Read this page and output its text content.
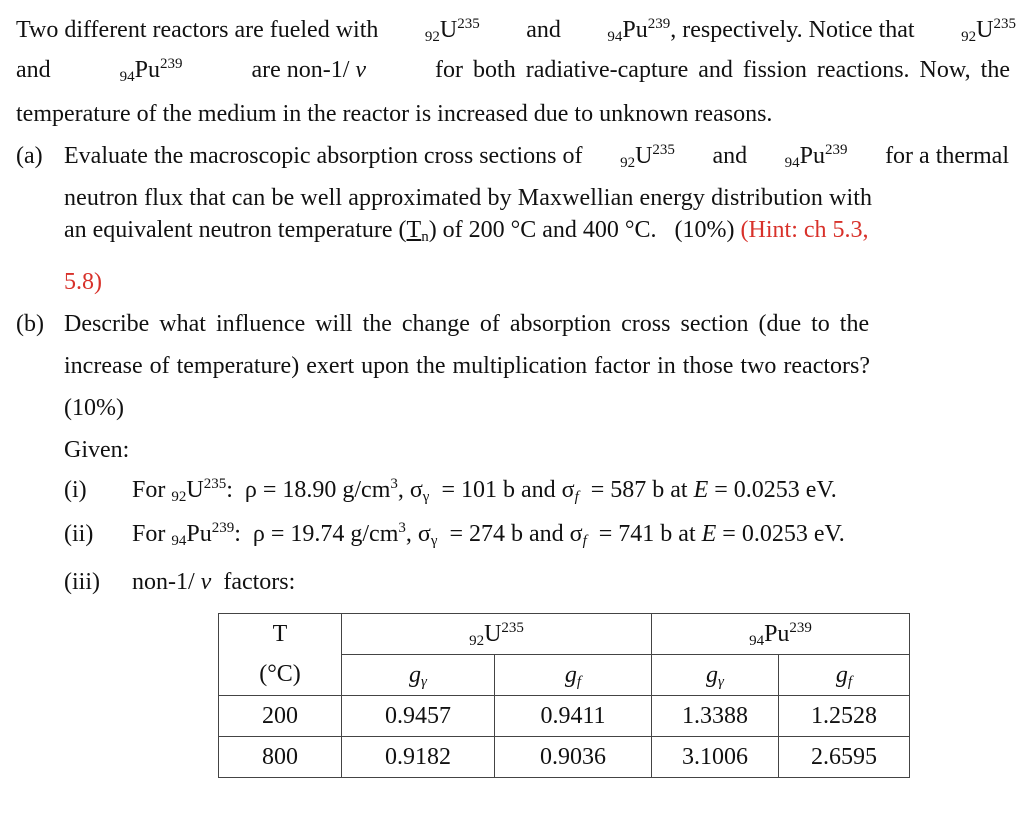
Two different reactors are fueled with	$_{92}U^{235}$ and	$_{94}Pu^{239}$, respectively. Notice that	$_{92}U^{235}$
and	$_{94}Pu^{239}$	are non-1/ ν	for both radiative-capture and fission reactions. Now, the
temperature of the medium in the reactor is increased due to unknown reasons.
(a) Evaluate the macroscopic absorption cross sections of	$_{92}U^{235}$ and	$_{94}Pu^{239}$ for a thermal
neutron flux that can be well approximated by Maxwellian energy distribution with
an equivalent neutron temperature $(T_n)$ of 200 °C and 400 °C. (10%) (Hint: ch 5.3,
5.8)
(b) Describe what influence will the change of absorption cross section (due to the
increase of temperature) exert upon the multiplication factor in those two reactors?
(10%)
Given:
(i) For $_{92}U^{235}$:  ρ = 18.90 $g/cm^3$, $\sigma_\gamma = 101$ b and $\sigma_f = 587$ b at E = 0.0253 eV.
(ii) For $_{94}Pu^{239}$:  ρ = 19.74 $g/cm^3$, $\sigma_\gamma = 274$ b and $\sigma_f = 741$ b at E = 0.0253 eV.
(iii) non-1/ ν factors:
T	$_{92}U^{235}$		$_{94}Pu^{239}$
(°C)	$g_\gamma$	$g_f$	$g_\gamma$	$g_f$
200	0.9457	0.9411	1.3388	1.2528
800	0.9182	0.9036	3.1006	2.6595
